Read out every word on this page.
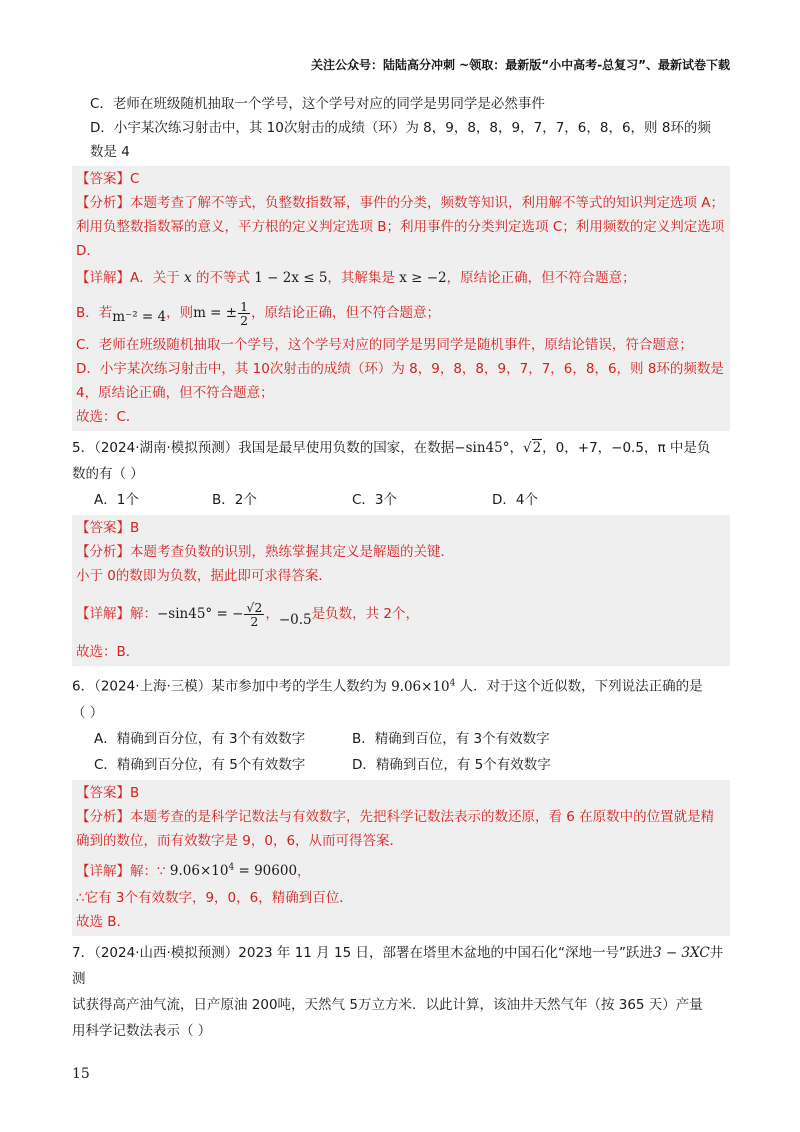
关注公众号：陆陆高分冲刺 ~领取：最新版“小中高考-总复习”、最新试卷下载
C．老师在班级随机抽取一个学号，这个学号对应的同学是男同学是必然事件
D．小宇某次练习射击中，其 10次射击的成绩（环）为 8，9，8，8，9，7，7，6，8，6，则 8环的频
数是 4
【答案】C
【分析】本题考查了解不等式，负整数指数幂，事件的分类，频数等知识，利用解不等式的知识判定选项 A；利用负整数指数幂的意义，平方根的定义判定选项 B；利用事件的分类判定选项 C；利用频数的定义判定选项 D．
【详解】A．关于 x 的不等式 1 − 2x ≤ 5，其解集是 x ≥ −2，原结论正确，但不符合题意；
B．若m⁻² = 4，则m = ± $\frac{1}{2}$ ，原结论正确，但不符合题意；
C．老师在班级随机抽取一个学号，这个学号对应的同学是男同学是随机事件，原结论错误，符合题意；
D．小宇某次练习射击中，其 10次射击的成绩（环）为 8，9，8，8，9，7，7，6，8，6，则 8环的频数是
4，原结论正确，但不符合题意；
故选：C．
5．（2024·湖南·模拟预测）我国是最早使用负数的国家，在数据−sin45°，√2，0，+7，−0.5，π 中是负
数的有（ ）
A．1个	B．2个	C．3个	D．4个
【答案】B
【分析】本题考查负数的识别，熟练掌握其定义是解题的关键．
小于 0的数即为负数，据此即可求得答案．
【详解】解：−sin45° = − $\frac{√2}{2}$ ，−0.5是负数，共 2个，
故选：B．
6．（2024·上海·三模）某市参加中考的学生人数约为 $9.06\times 10^4$ 人．对于这个近似数，下列说法正确的是
（ ）
A．精确到百分位，有 3个有效数字	B．精确到百位，有 3个有效数字
C．精确到百分位，有 5个有效数字	D．精确到百位，有 5个有效数字
【答案】B
【分析】本题考查的是科学记数法与有效数字，先把科学记数法表示的数还原，看 6 在原数中的位置就是精确到的数位，而有效数字是 9，0，6，从而可得答案．
【详解】解：∵ $9.06\times 10^4 = 90600$，
∴它有 3个有效数字，9，0，6，精确到百位．
故选 B．
7．（2024·山西·模拟预测）2023 年 11 月 15 日，部署在塔里木盆地的中国石化“深地一号”跃进3 − 3XC井测
试获得高产油气流，日产原油 200吨，天然气 5万立方米．以此计算，该油井天然气年（按 365 天）产量
用科学记数法表示（ ）
15
